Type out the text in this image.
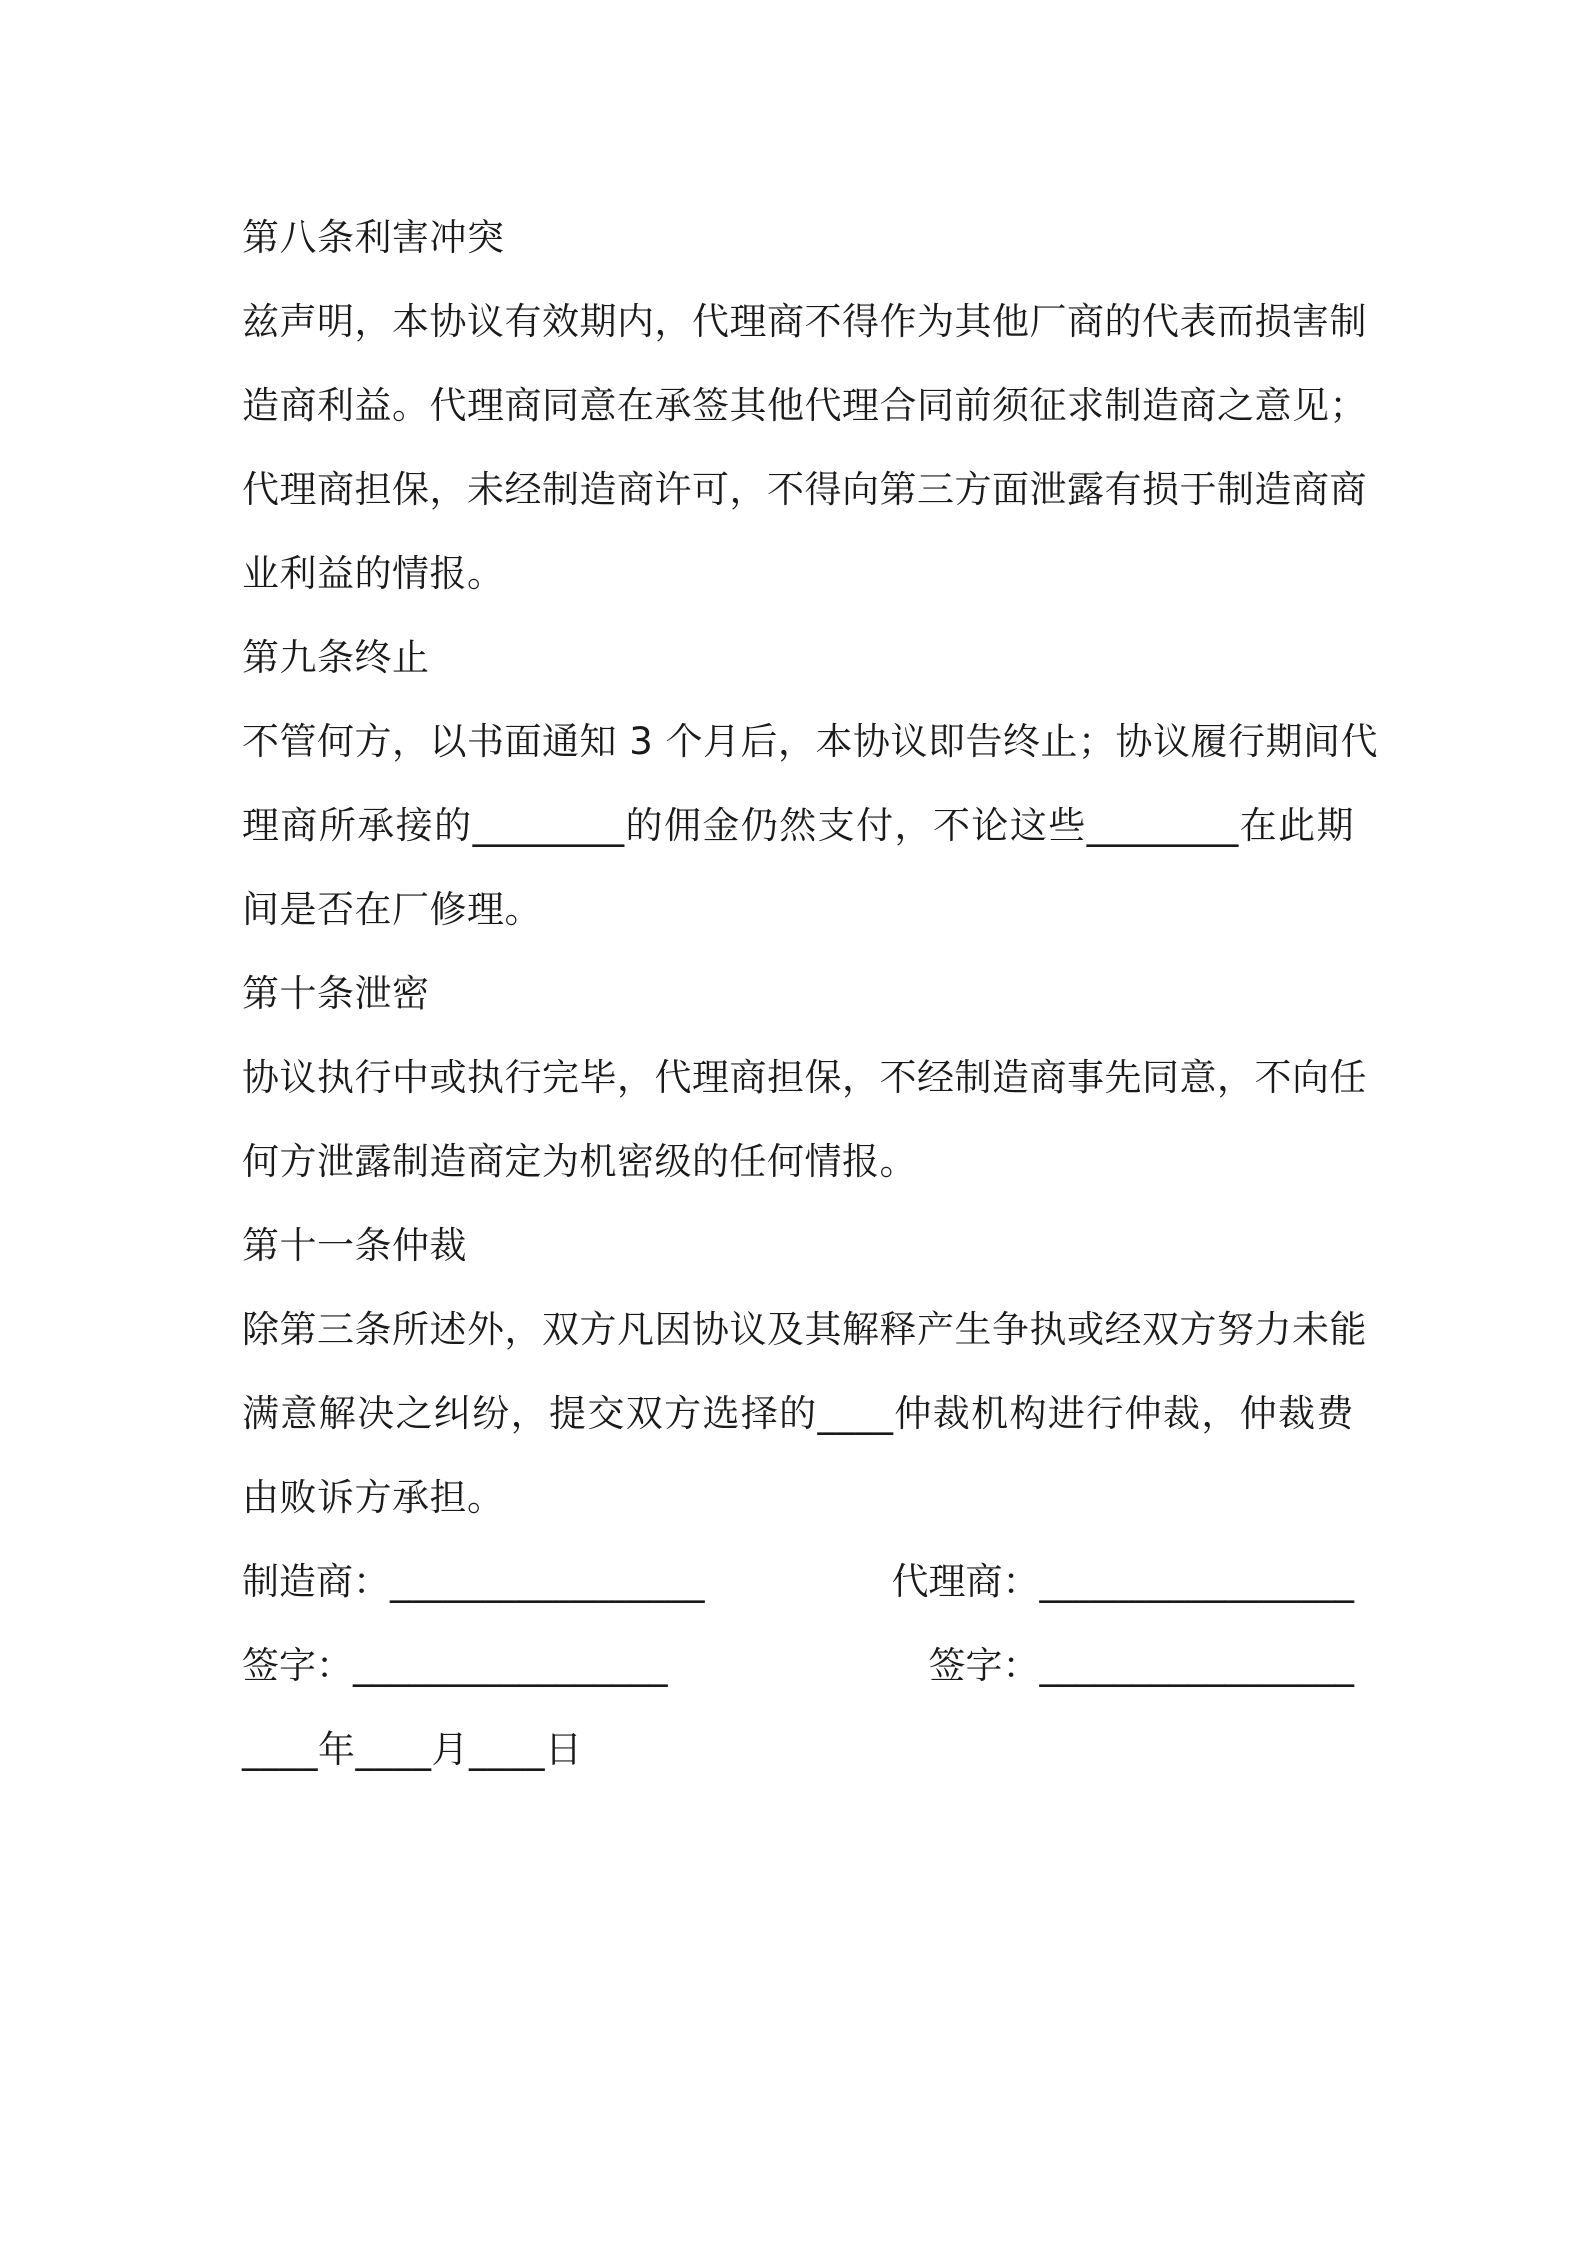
第八条利害冲突
兹声明，本协议有效期内，代理商不得作为其他厂商的代表而损害制
造商利益。代理商同意在承签其他代理合同前须征求制造商之意见；
代理商担保，未经制造商许可，不得向第三方面泄露有损于制造商商
业利益的情报。
第九条终止
不管何方，以书面通知 3 个月后，本协议即告终止；协议履行期间代
理商所承接的________的佣金仍然支付，不论这些________在此期
间是否在厂修理。
第十条泄密
协议执行中或执行完毕，代理商担保，不经制造商事先同意，不向任
何方泄露制造商定为机密级的任何情报。
第十一条仲裁
除第三条所述外，双方凡因协议及其解释产生争执或经双方努力未能
满意解决之纠纷，提交双方选择的____仲裁机构进行仲裁，仲裁费
由败诉方承担。
制造商：_________________	代理商：_________________
签字：_________________	签字：_________________
____年____月____日
